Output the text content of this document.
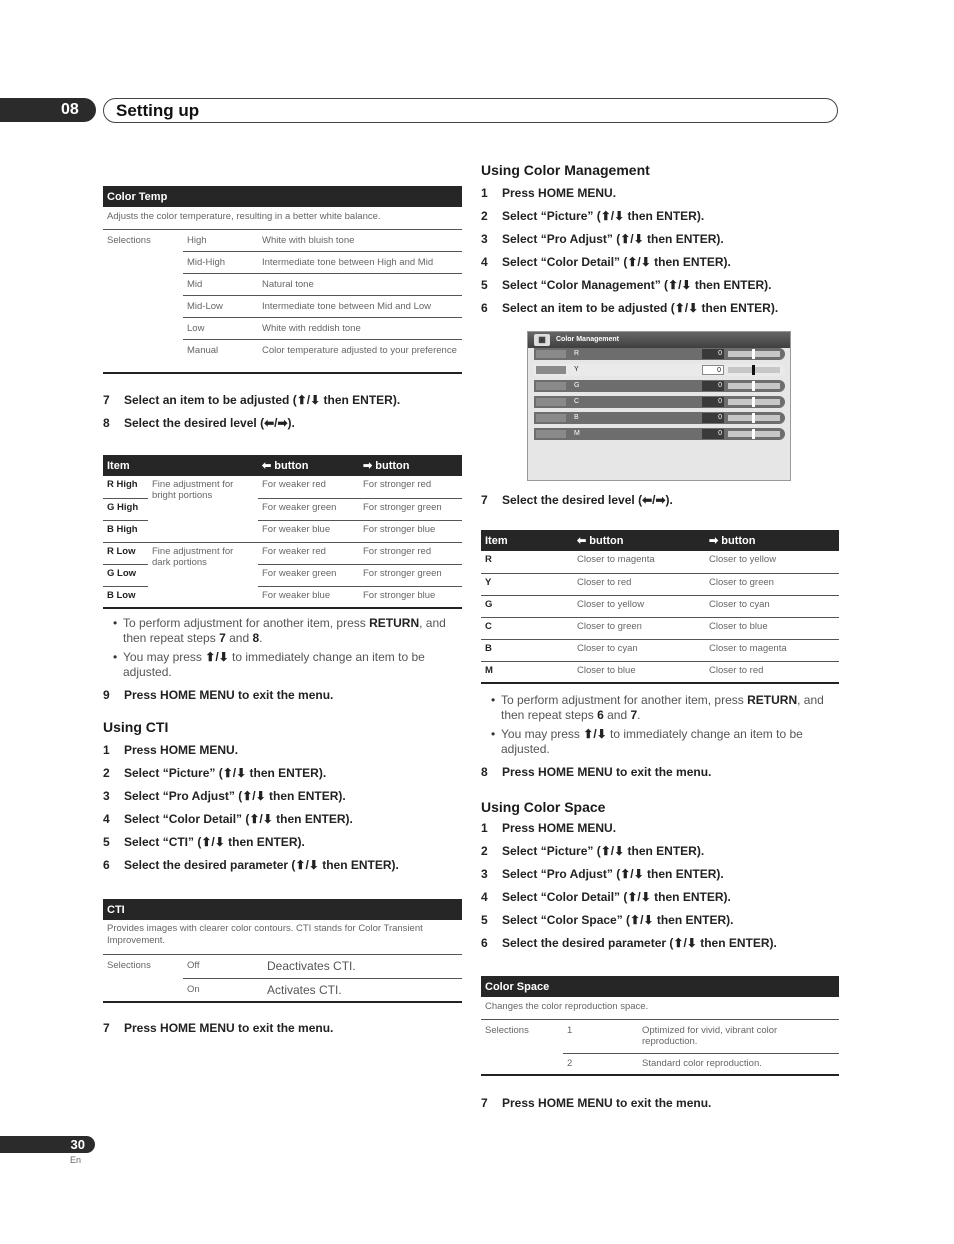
08	Setting up
Color Temp		
Adjusts the color temperature, resulting in a better white balance.		
Selections	High	White with bluish tone
	Mid-High	Intermediate tone between High and Mid
	Mid	Natural tone
	Mid-Low	Intermediate tone between Mid and Low
	Low	White with reddish tone
	Manual	Color temperature adjusted to your preference
7 Select an item to be adjusted (⬆/⬇ then ENTER).
8 Select the desired level (⬅/➡).
Item		⬅ button	➡ button
R High	Fine adjustment for bright portions	For weaker red	For stronger red
G High		For weaker green	For stronger green
B High		For weaker blue	For stronger blue
R Low	Fine adjustment for dark portions	For weaker red	For stronger red
G Low		For weaker green	For stronger green
B Low		For weaker blue	For stronger blue
• To perform adjustment for another item, press RETURN, and then repeat steps 7 and 8.
• You may press ⬆/⬇ to immediately change an item to be adjusted.
9 Press HOME MENU to exit the menu.
Using CTI
1 Press HOME MENU.
2 Select “Picture” (⬆/⬇ then ENTER).
3 Select “Pro Adjust” (⬆/⬇ then ENTER).
4 Select “Color Detail” (⬆/⬇ then ENTER).
5 Select “CTI” (⬆/⬇ then ENTER).
6 Select the desired parameter (⬆/⬇ then ENTER).
CTI		
Provides images with clearer color contours. CTI stands for Color Transient Improvement.		
Selections	Off	Deactivates CTI.
	On	Activates CTI.
7 Press HOME MENU to exit the menu.
Using Color Management
1 Press HOME MENU.
2 Select “Picture” (⬆/⬇ then ENTER).
3 Select “Pro Adjust” (⬆/⬇ then ENTER).
4 Select “Color Detail” (⬆/⬇ then ENTER).
5 Select “Color Management” (⬆/⬇ then ENTER).
6 Select an item to be adjusted (⬆/⬇ then ENTER).
▦	Color Management
R	0
Y	0
G	0
C	0
B	0
M	0
7 Select the desired level (⬅/➡).
Item	⬅ button	➡ button
R	Closer to magenta	Closer to yellow
Y	Closer to red	Closer to green
G	Closer to yellow	Closer to cyan
C	Closer to green	Closer to blue
B	Closer to cyan	Closer to magenta
M	Closer to blue	Closer to red
• To perform adjustment for another item, press RETURN, and then repeat steps 6 and 7.
• You may press ⬆/⬇ to immediately change an item to be adjusted.
8 Press HOME MENU to exit the menu.
Using Color Space
1 Press HOME MENU.
2 Select “Picture” (⬆/⬇ then ENTER).
3 Select “Pro Adjust” (⬆/⬇ then ENTER).
4 Select “Color Detail” (⬆/⬇ then ENTER).
5 Select “Color Space” (⬆/⬇ then ENTER).
6 Select the desired parameter (⬆/⬇ then ENTER).
Color Space		
Changes the color reproduction space.		
Selections	1	Optimized for vivid, vibrant color reproduction.
	2	Standard color reproduction.
7 Press HOME MENU to exit the menu.
30
En
